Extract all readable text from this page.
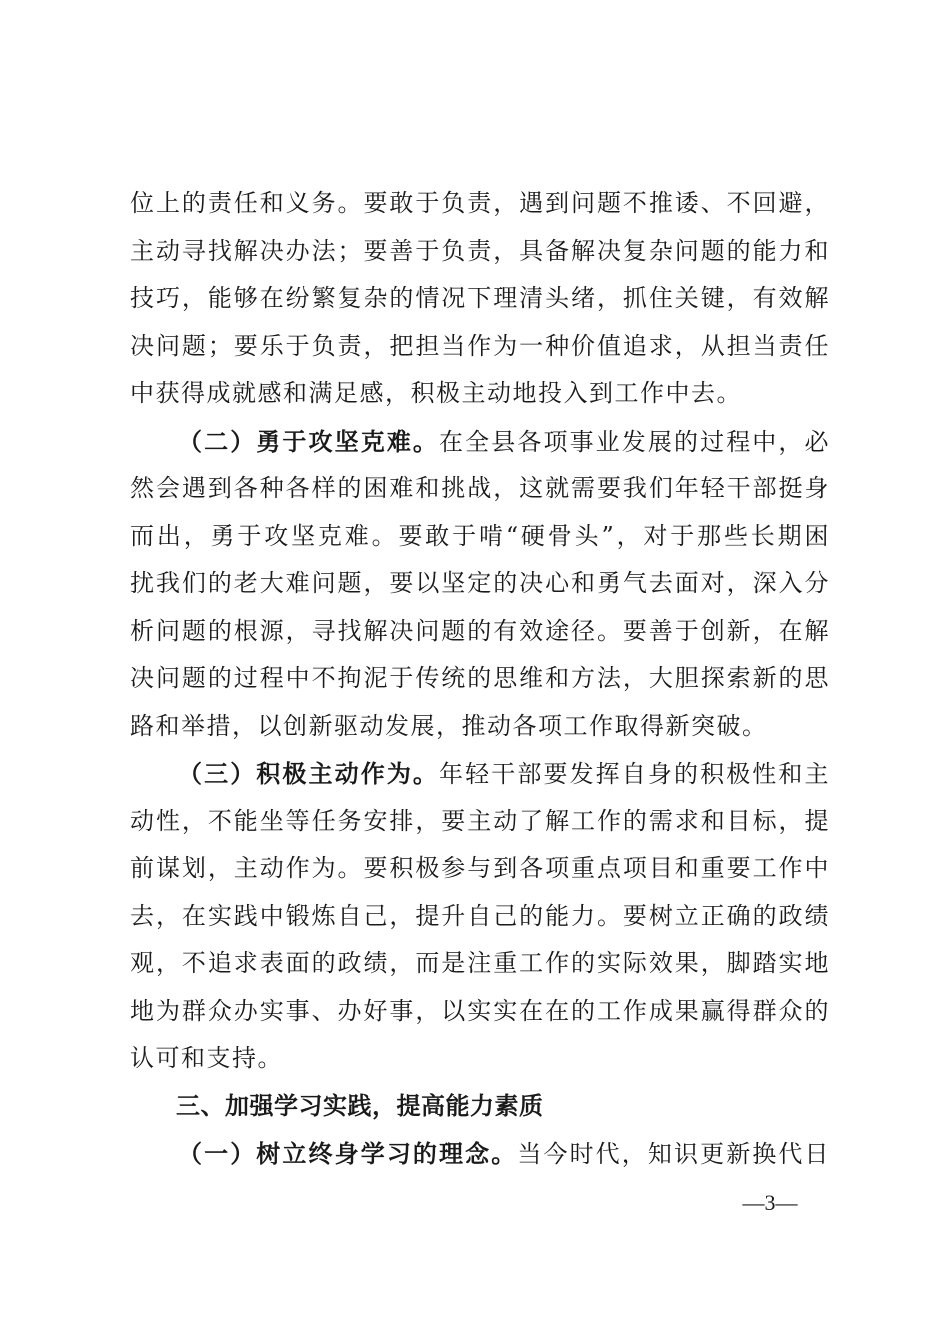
位上的责任和义务。要敢于负责，遇到问题不推诿、不回避，
主动寻找解决办法；要善于负责，具备解决复杂问题的能力和
技巧，能够在纷繁复杂的情况下理清头绪，抓住关键，有效解
决问题；要乐于负责，把担当作为一种价值追求，从担当责任
中获得成就感和满足感，积极主动地投入到工作中去。
（二）勇于攻坚克难。在全县各项事业发展的过程中，必
然会遇到各种各样的困难和挑战，这就需要我们年轻干部挺身
而出，勇于攻坚克难。要敢于啃“硬骨头”，对于那些长期困
扰我们的老大难问题，要以坚定的决心和勇气去面对，深入分
析问题的根源，寻找解决问题的有效途径。要善于创新，在解
决问题的过程中不拘泥于传统的思维和方法，大胆探索新的思
路和举措，以创新驱动发展，推动各项工作取得新突破。
（三）积极主动作为。年轻干部要发挥自身的积极性和主
动性，不能坐等任务安排，要主动了解工作的需求和目标，提
前谋划，主动作为。要积极参与到各项重点项目和重要工作中
去，在实践中锻炼自己，提升自己的能力。要树立正确的政绩
观，不追求表面的政绩，而是注重工作的实际效果，脚踏实地
地为群众办实事、办好事，以实实在在的工作成果赢得群众的
认可和支持。
三、加强学习实践，提高能力素质
（一）树立终身学习的理念。当今时代，知识更新换代日
—3—
